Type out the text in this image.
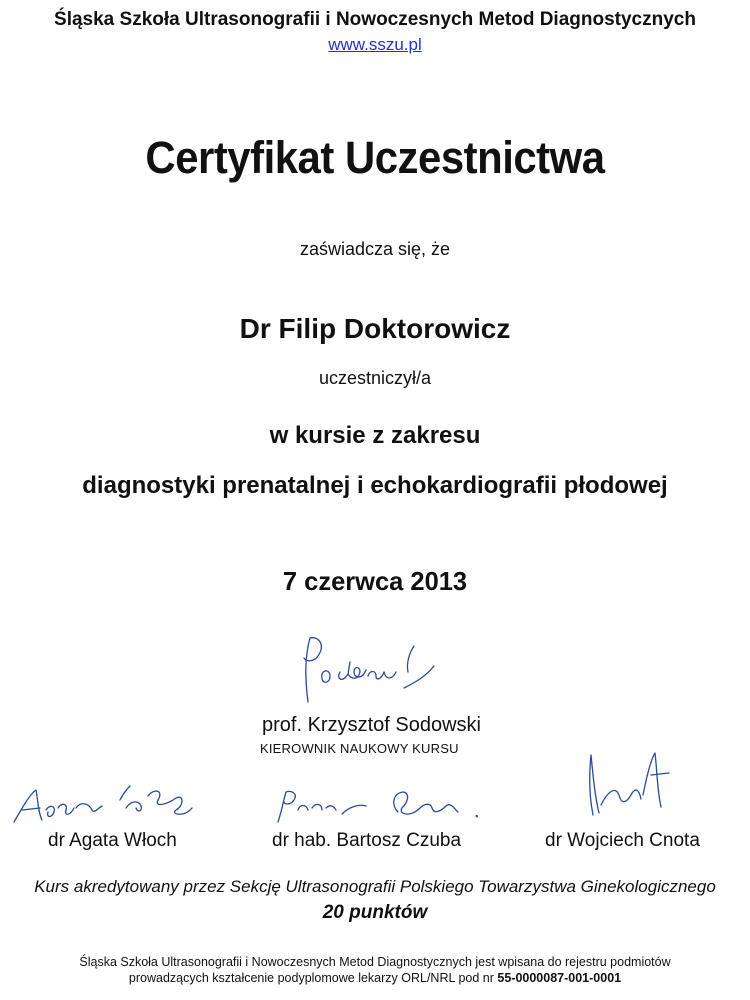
Śląska Szkoła Ultrasonografii i Nowoczesnych Metod Diagnostycznych
www.sszu.pl
Certyfikat Uczestnictwa
zaświadcza się, że
Dr Filip Doktorowicz
uczestniczył/a
w kursie z zakresu
diagnostyki prenatalnej i echokardiografii płodowej
7 czerwca 2013
prof. Krzysztof Sodowski
KIEROWNIK NAUKOWY KURSU
dr Agata Włoch	dr hab. Bartosz Czuba	dr Wojciech Cnota
Kurs akredytowany przez Sekcję Ultrasonografii Polskiego Towarzystwa Ginekologicznego
20 punktów
Śląska Szkoła Ultrasonografii i Nowoczesnych Metod Diagnostycznych jest wpisana do rejestru podmiotów
prowadzących kształcenie podyplomowe lekarzy ORL/NRL pod nr 55-0000087-001-0001
